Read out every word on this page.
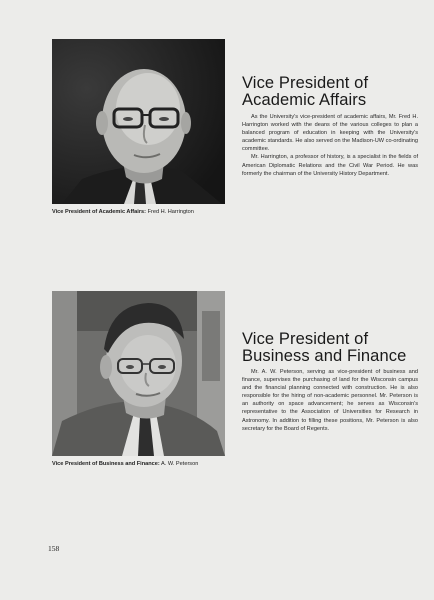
Vice President of Academic Affairs: Fred H. Harrington
Vice President of
Academic Affairs

As the University's vice-president of academic affairs, Mr. Fred H. Harrington worked with the deans of the various colleges to plan a balanced program of education in keeping with the University's academic standards. He also served on the Madison-UW co-ordinating committee.

Mr. Harrington, a professor of history, is a specialist in the fields of American Diplomatic Relations and the Civil War Period. He was formerly the chairman of the University History Department.

Vice President of Business and Finance: A. W. Peterson
Vice President of
Business and Finance

Mr. A. W. Peterson, serving as vice-president of business and finance, supervises the purchasing of land for the Wisconsin campus and the financial planning connected with construction. He is also responsible for the hiring of non-academic personnel. Mr. Peterson is an authority on space advancement; he serves as Wisconsin's representative to the Association of Universities for Research in Astronomy. In addition to filling these positions, Mr. Peterson is also secretary for the Board of Regents.

158
